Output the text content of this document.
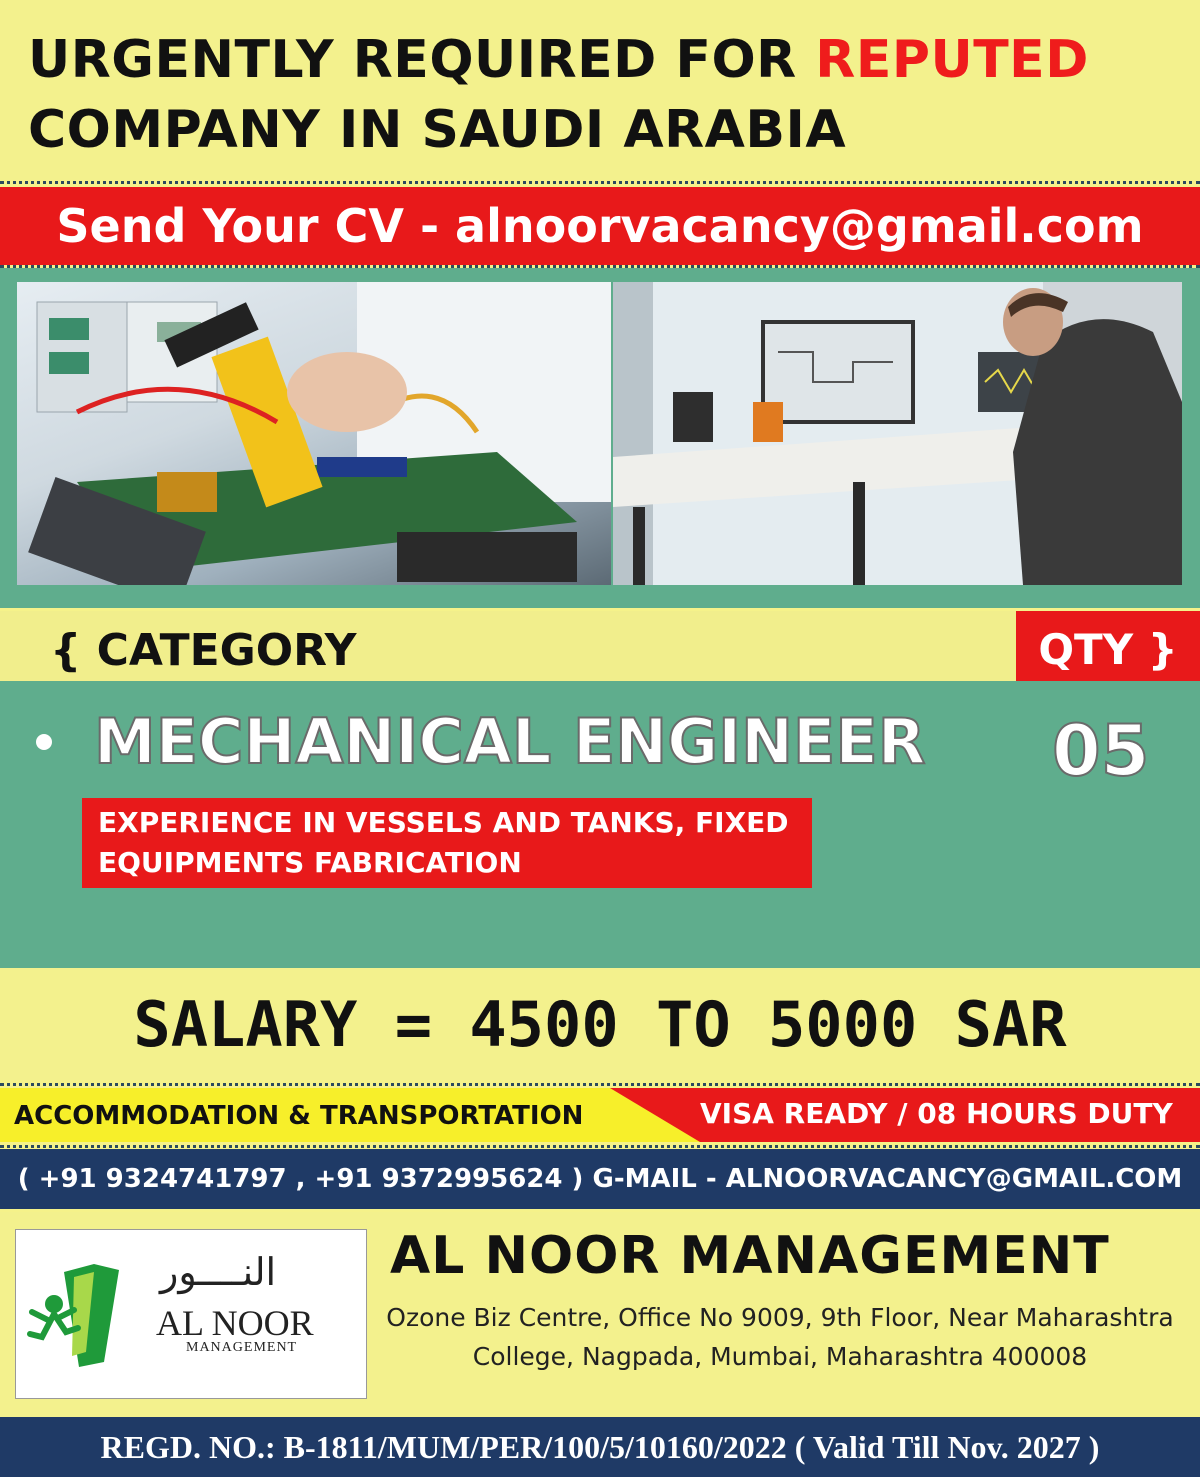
URGENTLY REQUIRED FOR REPUTED
COMPANY IN SAUDI ARABIA
Send Your CV - alnoorvacancy@gmail.com
{ CATEGORY	QTY }
MECHANICAL ENGINEER 05
EXPERIENCE IN VESSELS AND TANKS, FIXED
EQUIPMENTS FABRICATION
SALARY = 4500 TO 5000 SAR
ACCOMMODATION & TRANSPORTATION	VISA READY / 08 HOURS DUTY
( +91 9324741797 , +91 9372995624 ) G-MAIL - ALNOORVACANCY@GMAIL.COM
النــــور
AL NOOR
MANAGEMENT
AL NOOR MANAGEMENT
Ozone Biz Centre, Office No 9009, 9th Floor, Near Maharashtra
College, Nagpada, Mumbai, Maharashtra 400008
REGD. NO.: B-1811/MUM/PER/100/5/10160/2022 ( Valid Till Nov. 2027 )
